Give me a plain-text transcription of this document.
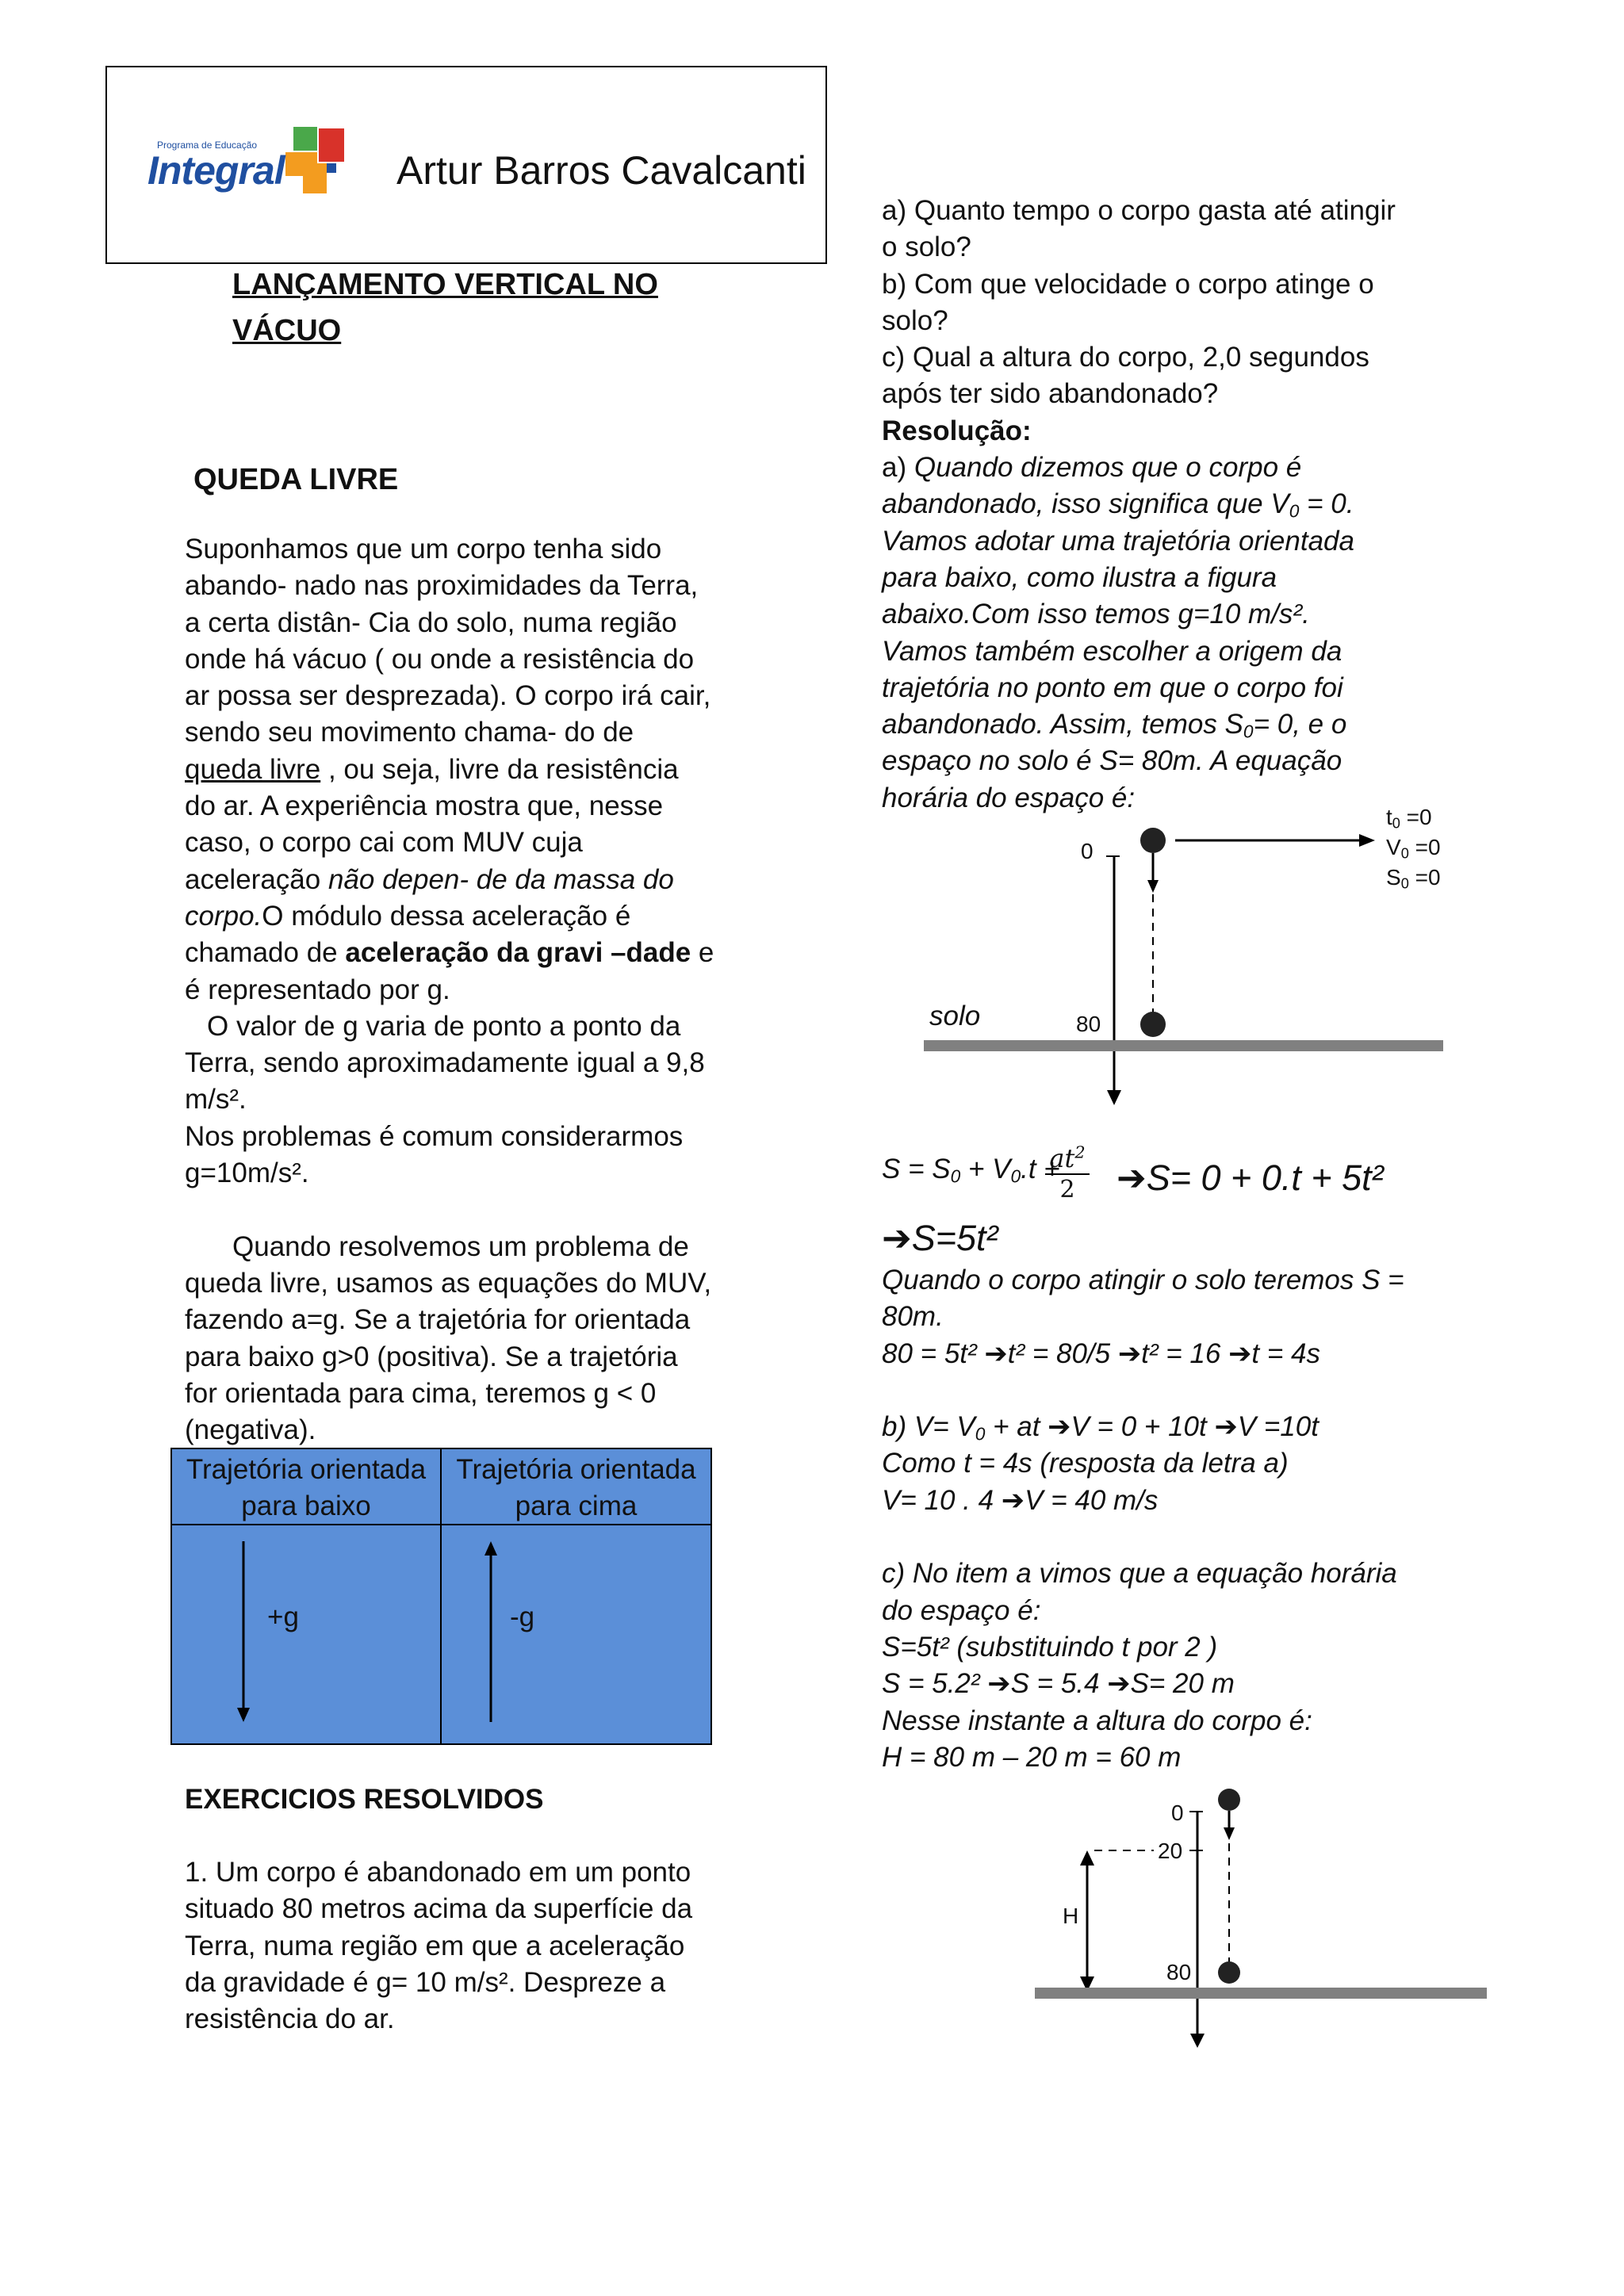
Programa de Educação
Integral	Artur Barros Cavalcanti
LANÇAMENTO VERTICAL NO
VÁCUO
QUEDA LIVRE

Suponhamos que um corpo tenha sido

abando- nado nas proximidades da Terra,

a certa distân- Cia do solo, numa região

onde há vácuo ( ou onde a resistência do

ar possa ser desprezada). O corpo irá cair,

sendo seu movimento chama- do de

queda livre , ou seja, livre da resistência

do ar. A experiência mostra que, nesse

caso, o corpo cai com MUV cuja

aceleração não depen- de da massa do

corpo.O módulo dessa aceleração é

chamado de aceleração da gravi –dade e

é representado por g.

O valor de g varia de ponto a ponto da

Terra, sendo aproximadamente igual a 9,8

m/s².

Nos problemas é comum considerarmos

g=10m/s².

Quando resolvemos um problema de

queda livre, usamos as equações do MUV,

fazendo a=g. Se a trajetória for orientada

para baixo g>0 (positiva). Se a trajetória

for orientada para cima, teremos g < 0

(negativa).

Trajetória orientada
para baixo
Trajetória orientada
para cima
+g	-g
EXERCICIOS RESOLVIDOS

1. Um corpo é abandonado em um ponto

situado 80 metros acima da superfície da

Terra, numa região em que a aceleração

da gravidade é g= 10 m/s². Despreze a

resistência do ar.

a) Quanto tempo o corpo gasta até atingir

o solo?

b) Com que velocidade o corpo atinge o

solo?

c) Qual a altura do corpo, 2,0 segundos

após ter sido abandonado?

Resolução:

a) Quando dizemos que o corpo é

abandonado, isso significa que $V_0 = 0$.

Vamos adotar uma trajetória orientada

para baixo, como ilustra a figura

abaixo.Com isso temos g=10 m/s².

Vamos também escolher a origem da

trajetória no ponto em que o corpo foi

abandonado. Assim, temos $S_0= 0$, e o

espaço no solo é S= 80m. A equação

horária do espaço é:

0
80
solo
$t_0 =0$
$V_0 =0$
$S_0 =0$
$S = S_0 + V_0.t$ +
$\frac{at^2}{2}$ ➔S= 0 + 0.t + 5t²
➔S=5t²

Quando o corpo atingir o solo teremos S =

80m.

80 = 5t² ➔t² = 80/5 ➔t² = 16 ➔t = 4s

b) $V= V_0$ + at ➔V = 0 + 10t ➔V =10t

Como t = 4s (resposta da letra a)

V= 10 . 4 ➔V = 40 m/s

c) No item a vimos que a equação horária

do espaço é:

S=5t² (substituindo t por 2 )

S = 5.2² ➔S = 5.4 ➔S= 20 m

Nesse instante a altura do corpo é:

H = 80 m – 20 m = 60 m

0
20
80
H
